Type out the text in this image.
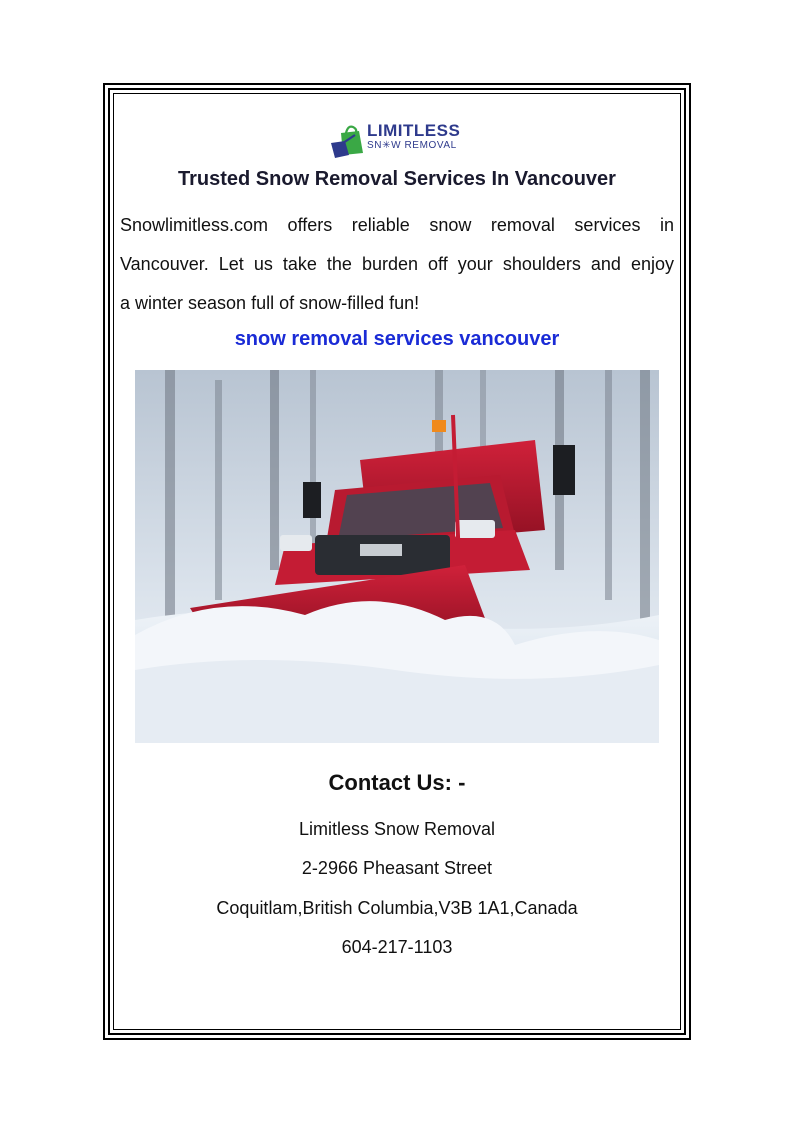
LIMITLESS
SN✳W REMOVAL
Trusted Snow Removal Services In Vancouver
Snowlimitless.com offers reliable snow removal services in
Vancouver. Let us take the burden off your shoulders and enjoy
a winter season full of snow-filled fun!
snow removal services vancouver
Contact Us: -
Limitless Snow Removal
2-2966 Pheasant Street
Coquitlam,British Columbia,V3B 1A1,Canada
604-217-1103
